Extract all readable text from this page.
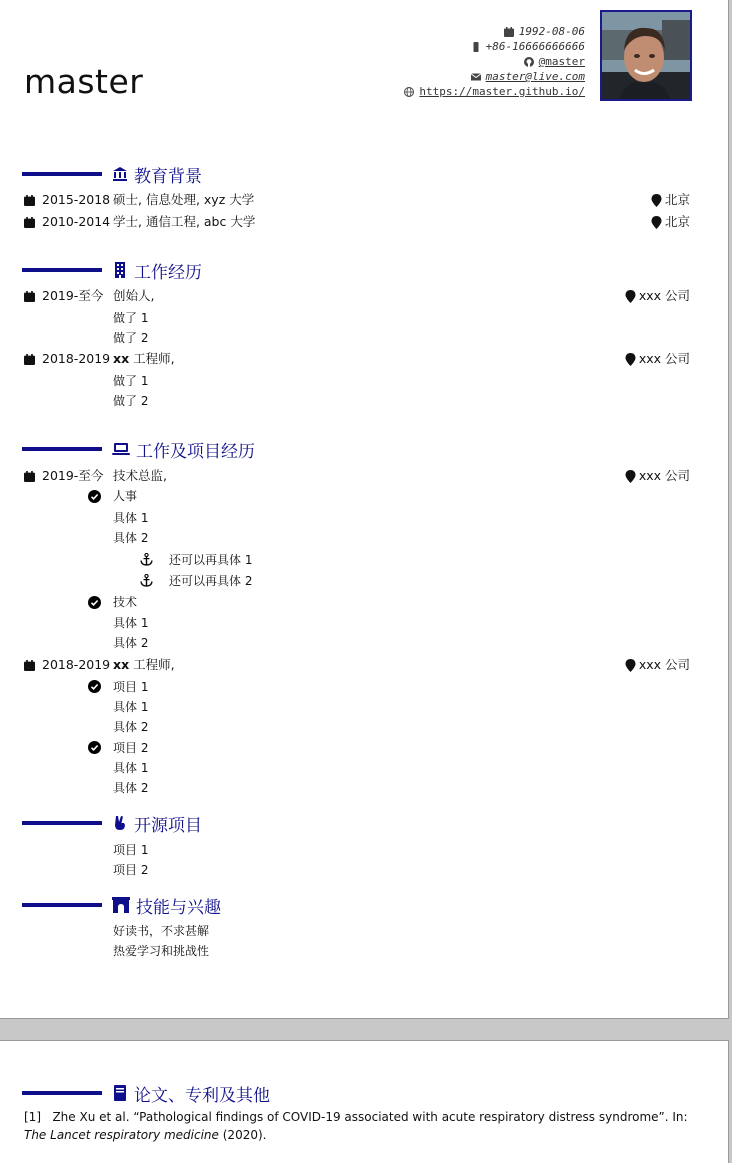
master
1992-08-06
+86-16666666666
@master
master@live.com
https://master.github.io/
教育背景
2015-2018 硕士, 信息处理, xyz 大学	北京
2010-2014 学士, 通信工程, abc 大学	北京
工作经历
2019-至今 创始人,	xxx 公司
做了 1
做了 2
2018-2019 xx 工程师,	xxx 公司
做了 1
做了 2
工作及项目经历
2019-至今 技术总监,	xxx 公司
人事
具体 1
具体 2
还可以再具体 1
还可以再具体 2
技术
具体 1
具体 2
2018-2019 xx 工程师,	xxx 公司
项目 1
具体 1
具体 2
项目 2
具体 1
具体 2
开源项目
项目 1
项目 2
技能与兴趣
好读书，不求甚解
热爱学习和挑战性
论文、专利及其他
[1] Zhe Xu et al. “Pathological findings of COVID-19 associated with acute respiratory distress syndrome”. In: The Lancet respiratory medicine (2020).
